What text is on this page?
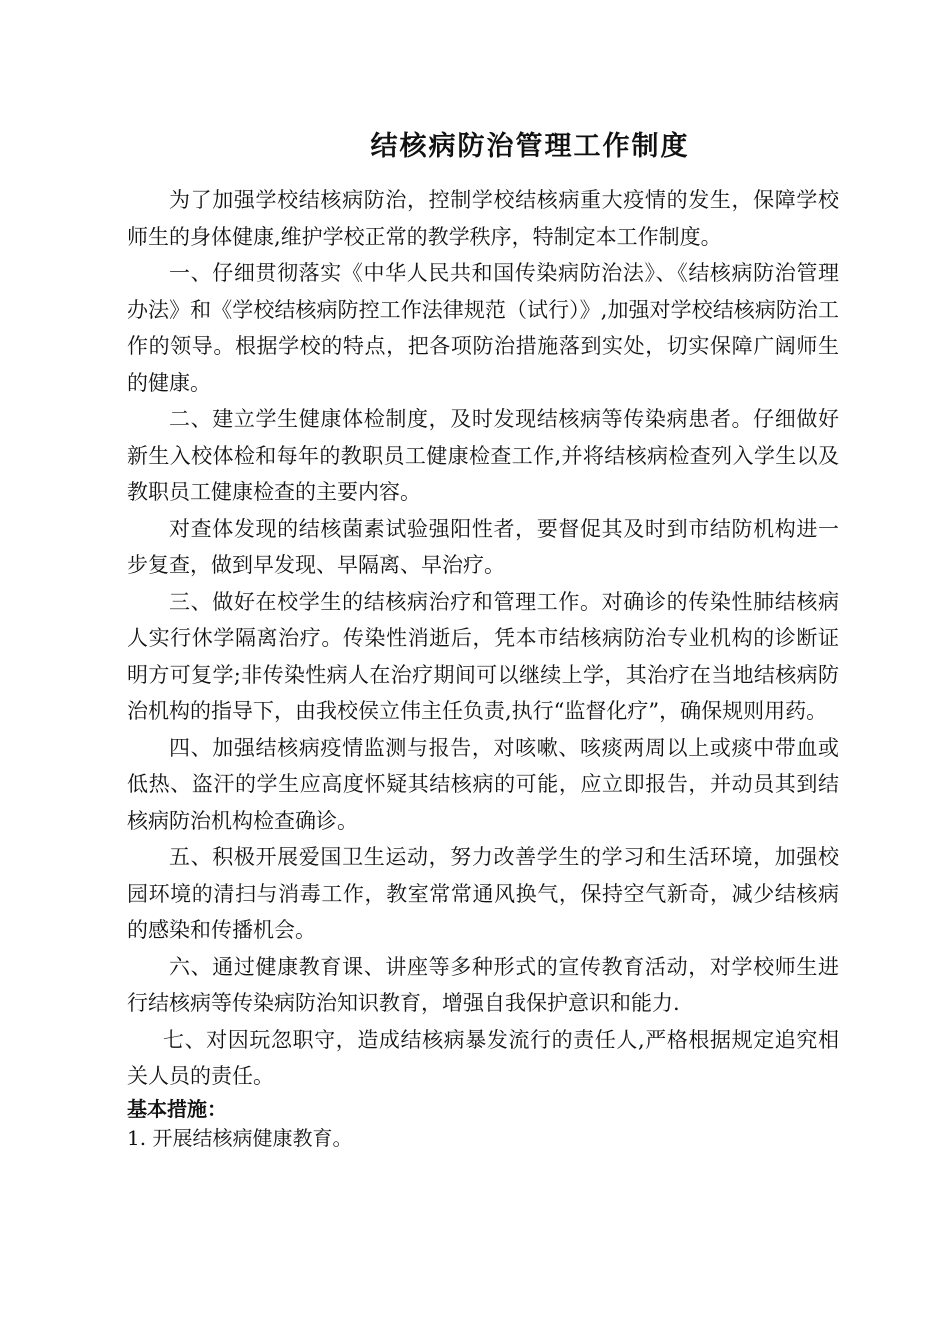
结核病防治管理工作制度

为了加强学校结核病防治，控制学校结核病重大疫情的发生，保障学校师生的身体健康,维护学校正常的教学秩序，特制定本工作制度。

一、仔细贯彻落实《中华人民共和国传染病防治法》、《结核病防治管理办法》和《学校结核病防控工作法律规范（试行）》,加强对学校结核病防治工作的领导。根据学校的特点，把各项防治措施落到实处，切实保障广阔师生的健康。

二、建立学生健康体检制度，及时发现结核病等传染病患者。仔细做好新生入校体检和每年的教职员工健康检查工作,并将结核病检查列入学生以及教职员工健康检查的主要内容。

对查体发现的结核菌素试验强阳性者，要督促其及时到市结防机构进一步复查，做到早发现、早隔离、早治疗。

三、做好在校学生的结核病治疗和管理工作。对确诊的传染性肺结核病人实行休学隔离治疗。传染性消逝后，凭本市结核病防治专业机构的诊断证明方可复学;非传染性病人在治疗期间可以继续上学，其治疗在当地结核病防治机构的指导下，由我校侯立伟主任负责,执行“监督化疗”，确保规则用药。

四、加强结核病疫情监测与报告，对咳嗽、咳痰两周以上或痰中带血或低热、盗汗的学生应高度怀疑其结核病的可能，应立即报告，并动员其到结核病防治机构检查确诊。

五、积极开展爱国卫生运动，努力改善学生的学习和生活环境，加强校园环境的清扫与消毒工作，教室常常通风换气，保持空气新奇，减少结核病的感染和传播机会。

六、通过健康教育课、讲座等多种形式的宣传教育活动，对学校师生进行结核病等传染病防治知识教育，增强自我保护意识和能力.

七、对因玩忽职守，造成结核病暴发流行的责任人,严格根据规定追究相关人员的责任。

基本措施：

1. 开展结核病健康教育。
